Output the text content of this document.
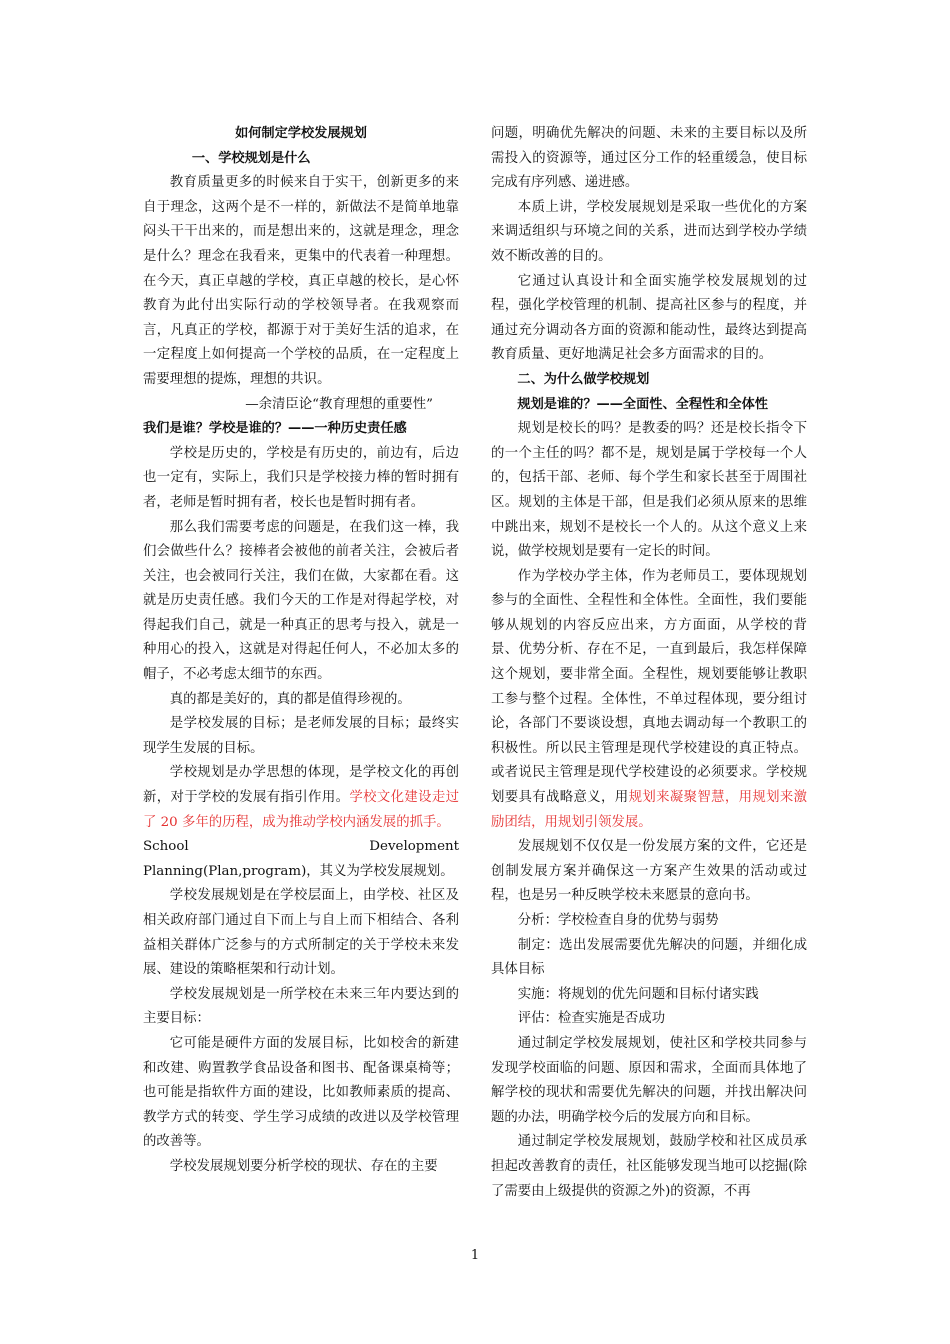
如何制定学校发展规划

一、学校规划是什么

教育质量更多的时候来自于实干，创新更多的来自于理念，这两个是不一样的，新做法不是简单地靠闷头干干出来的，而是想出来的，这就是理念，理念是什么？理念在我看来，更集中的代表着一种理想。在今天，真正卓越的学校，真正卓越的校长，是心怀教育为此付出实际行动的学校领导者。在我观察而言，凡真正的学校，都源于对于美好生活的追求，在一定程度上如何提高一个学校的品质，在一定程度上需要理想的提炼，理想的共识。

—余清臣论“教育理想的重要性”

我们是谁？学校是谁的？——一种历史责任感

学校是历史的，学校是有历史的，前边有，后边也一定有，实际上，我们只是学校接力棒的暂时拥有者，老师是暂时拥有者，校长也是暂时拥有者。

那么我们需要考虑的问题是，在我们这一棒，我们会做些什么？接棒者会被他的前者关注，会被后者关注，也会被同行关注，我们在做，大家都在看。这就是历史责任感。我们今天的工作是对得起学校，对得起我们自己，就是一种真正的思考与投入，就是一种用心的投入，这就是对得起任何人，不必加太多的帽子，不必考虑太细节的东西。

真的都是美好的，真的都是值得珍视的。

是学校发展的目标；是老师发展的目标；最终实现学生发展的目标。

学校规划是办学思想的体现，是学校文化的再创新，对于学校的发展有指引作用。学校文化建设走过了 20 多年的历程，成为推动学校内涵发展的抓手。

School Development Planning(Plan,program)，其义为学校发展规划。

学校发展规划是在学校层面上，由学校、社区及相关政府部门通过自下而上与自上而下相结合、各利益相关群体广泛参与的方式所制定的关于学校未来发展、建设的策略框架和行动计划。

学校发展规划是一所学校在未来三年内要达到的主要目标：

它可能是硬件方面的发展目标，比如校舍的新建和改建、购置教学食品设备和图书、配备课桌椅等；也可能是指软件方面的建设，比如教师素质的提高、教学方式的转变、学生学习成绩的改进以及学校管理的改善等。

学校发展规划要分析学校的现状、存在的主要

问题，明确优先解决的问题、未来的主要目标以及所需投入的资源等，通过区分工作的轻重缓急，使目标完成有序列感、递进感。

本质上讲，学校发展规划是采取一些优化的方案来调适组织与环境之间的关系，进而达到学校办学绩效不断改善的目的。

它通过认真设计和全面实施学校发展规划的过程，强化学校管理的机制、提高社区参与的程度，并通过充分调动各方面的资源和能动性，最终达到提高教育质量、更好地满足社会多方面需求的目的。

二、为什么做学校规划

规划是谁的？——全面性、全程性和全体性

规划是校长的吗？是教委的吗？还是校长指令下的一个主任的吗？都不是，规划是属于学校每一个人的，包括干部、老师、每个学生和家长甚至于周围社区。规划的主体是干部，但是我们必须从原来的思维中跳出来，规划不是校长一个人的。从这个意义上来说，做学校规划是要有一定长的时间。

作为学校办学主体，作为老师员工，要体现规划参与的全面性、全程性和全体性。全面性，我们要能够从规划的内容反应出来，方方面面，从学校的背景、优势分析、存在不足，一直到最后，我怎样保障这个规划，要非常全面。全程性，规划要能够让教职工参与整个过程。全体性，不单过程体现，要分组讨论，各部门不要谈设想，真地去调动每一个教职工的积极性。所以民主管理是现代学校建设的真正特点。或者说民主管理是现代学校建设的必须要求。学校规划要具有战略意义，用规划来凝聚智慧，用规划来激励团结，用规划引领发展。

发展规划不仅仅是一份发展方案的文件，它还是创制发展方案并确保这一方案产生效果的活动或过程，也是另一种反映学校未来愿景的意向书。

分析：学校检查自身的优势与弱势

制定：选出发展需要优先解决的问题，并细化成具体目标

实施：将规划的优先问题和目标付诸实践

评估：检查实施是否成功

通过制定学校发展规划，使社区和学校共同参与发现学校面临的问题、原因和需求，全面而具体地了解学校的现状和需要优先解决的问题，并找出解决问题的办法，明确学校今后的发展方向和目标。

通过制定学校发展规划，鼓励学校和社区成员承担起改善教育的责任，社区能够发现当地可以挖掘(除了需要由上级提供的资源之外)的资源，不再

1
